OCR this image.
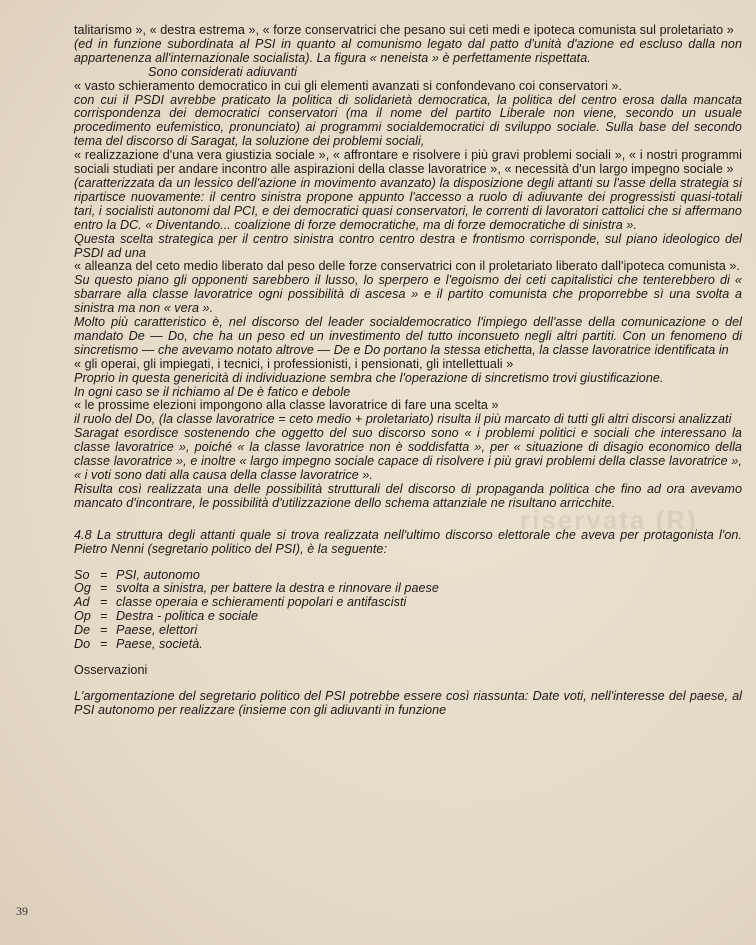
riservata (R)

talitarismo », « destra estrema », « forze conservatrici che pesano sui ceti medi e ipoteca comunista sul proletariato »

(ed in funzione subordinata al PSI in quanto al comunismo legato dal patto d'unità d'azione ed escluso dalla non appartenenza all'internazionale socialista). La figura « neneista » è perfettamente rispettata.

Sono considerati adiuvanti

« vasto schieramento democratico in cui gli elementi avanzati si confondevano coi conservatori ».

con cui il PSDI avrebbe praticato la politica di solidarietà democratica, la politica del centro erosa dalla mancata corrispondenza dei democratici conservatori (ma il nome del partito Liberale non viene, secondo un usuale procedimento eufemistico, pronunciato) ai programmi socialdemocratici di sviluppo sociale. Sulla base del secondo tema del discorso di Saragat, la soluzione dei problemi sociali,

« realizzazione d'una vera giustizia sociale », « affrontare e risolvere i più gravi problemi sociali », « i nostri programmi sociali studiati per andare incontro alle aspirazioni della classe lavoratrice », « necessità d'un largo impegno sociale »

(caratterizzata da un lessico dell'azione in movimento avanzato) la disposizione degli attanti su l'asse della strategia si ripartisce nuovamente: il centro sinistra propone appunto l'accesso a ruolo di adiuvante dei progressisti quasi-totali tari, i socialisti autonomi dal PCI, e dei democratici quasi conservatori, le correnti di lavoratori cattolici che si affermano entro la DC. « Diventando... coalizione di forze democratiche, ma di forze democratiche di sinistra ».

Questa scelta strategica per il centro sinistra contro centro destra e frontismo corrisponde, sul piano ideologico del PSDI ad una

« alleanza del ceto medio liberato dal peso delle forze conservatrici con il proletariato liberato dall'ipoteca comunista ».

Su questo piano gli opponenti sarebbero il lusso, lo sperpero e l'egoismo dei ceti capitalistici che tenterebbero di « sbarrare alla classe lavoratrice ogni possibilità di ascesa » e il partito comunista che proporrebbe sì una svolta a sinistra ma non « vera ».

Molto più caratteristico è, nel discorso del leader socialdemocratico l'impiego dell'asse della comunicazione o del mandato De — Do, che ha un peso ed un investimento del tutto inconsueto negli altri partiti. Con un fenomeno di sincretismo — che avevamo notato altrove — De e Do portano la stessa etichetta, la classe lavoratrice identificata in

« gli operai, gli impiegati, i tecnici, i professionisti, i pensionati, gli intellettuali »

Proprio in questa genericità di individuazione sembra che l'operazione di sincretismo trovi giustificazione.

In ogni caso se il richiamo al De è fatico e debole

« le prossime elezioni impongono alla classe lavoratrice di fare una scelta »

il ruolo del Do, (la classe lavoratrice = ceto medio + proletariato) risulta il più marcato di tutti gli altri discorsi analizzati

Saragat esordisce sostenendo che oggetto del suo discorso sono « i problemi politici e sociali che interessano la classe lavoratrice », poiché « la classe lavoratrice non è soddisfatta », per « situazione di disagio economico della classe lavoratrice », e inoltre « largo impegno sociale capace di risolvere i più gravi problemi della classe lavoratrice », « i voti sono dati alla causa della classe lavoratrice ».

Risulta così realizzata una delle possibilità strutturali del discorso di propaganda politica che fino ad ora avevamo mancato d'incontrare, le possibilità d'utilizzazione dello schema attanziale ne risultano arricchite.

4.8 La struttura degli attanti quale si trova realizzata nell'ultimo discorso elettorale che aveva per protagonista l'on. Pietro Nenni (segretario politico del PSI), è la seguente:

So = PSI, autonomo
Og = svolta a sinistra, per battere la destra e rinnovare il paese
Ad = classe operaia e schieramenti popolari e antifascisti
Op = Destra - politica e sociale
De = Paese, elettori
Do = Paese, società.

Osservazioni

L'argomentazione del segretario politico del PSI potrebbe essere così riassunta: Date voti, nell'interesse del paese, al PSI autonomo per realizzare (insieme con gli adiuvanti in funzione

39
